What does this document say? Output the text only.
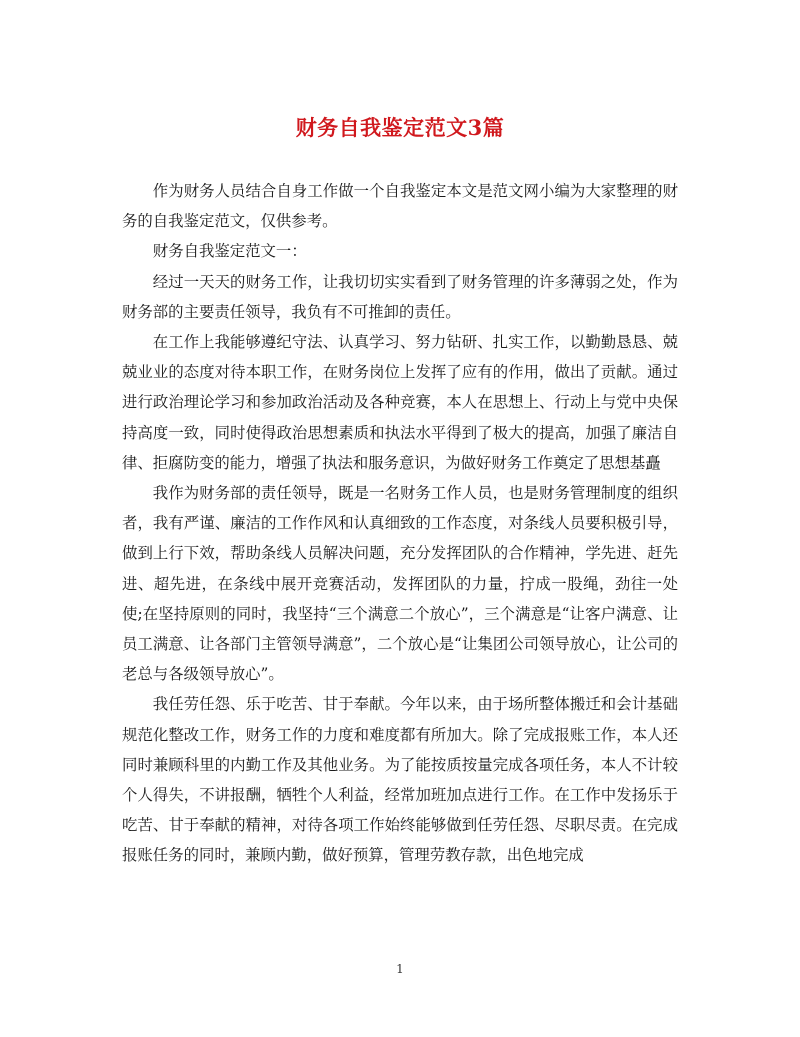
财务自我鉴定范文3篇

作为财务人员结合自身工作做一个自我鉴定本文是范文网小编为大家整理的财务的自我鉴定范文，仅供参考。

财务自我鉴定范文一：

经过一天天的财务工作，让我切切实实看到了财务管理的许多薄弱之处，作为财务部的主要责任领导，我负有不可推卸的责任。

在工作上我能够遵纪守法、认真学习、努力钻研、扎实工作，以勤勤恳恳、兢兢业业的态度对待本职工作，在财务岗位上发挥了应有的作用，做出了贡献。通过进行政治理论学习和参加政治活动及各种竞赛，本人在思想上、行动上与党中央保持高度一致，同时使得政治思想素质和执法水平得到了极大的提高，加强了廉洁自律、拒腐防变的能力，增强了执法和服务意识，为做好财务工作奠定了思想基矗

我作为财务部的责任领导，既是一名财务工作人员，也是财务管理制度的组织者，我有严谨、廉洁的工作作风和认真细致的工作态度，对条线人员要积极引导，做到上行下效，帮助条线人员解决问题，充分发挥团队的合作精神，学先进、赶先进、超先进，在条线中展开竞赛活动，发挥团队的力量，拧成一股绳，劲往一处使;在坚持原则的同时，我坚持“三个满意二个放心”，三个满意是“让客户满意、让员工满意、让各部门主管领导满意”，二个放心是“让集团公司领导放心，让公司的老总与各级领导放心”。

我任劳任怨、乐于吃苦、甘于奉献。今年以来，由于场所整体搬迁和会计基础规范化整改工作，财务工作的力度和难度都有所加大。除了完成报账工作，本人还同时兼顾科里的内勤工作及其他业务。为了能按质按量完成各项任务，本人不计较个人得失，不讲报酬，牺牲个人利益，经常加班加点进行工作。在工作中发扬乐于吃苦、甘于奉献的精神，对待各项工作始终能够做到任劳任怨、尽职尽责。在完成报账任务的同时，兼顾内勤，做好预算，管理劳教存款，出色地完成

1
